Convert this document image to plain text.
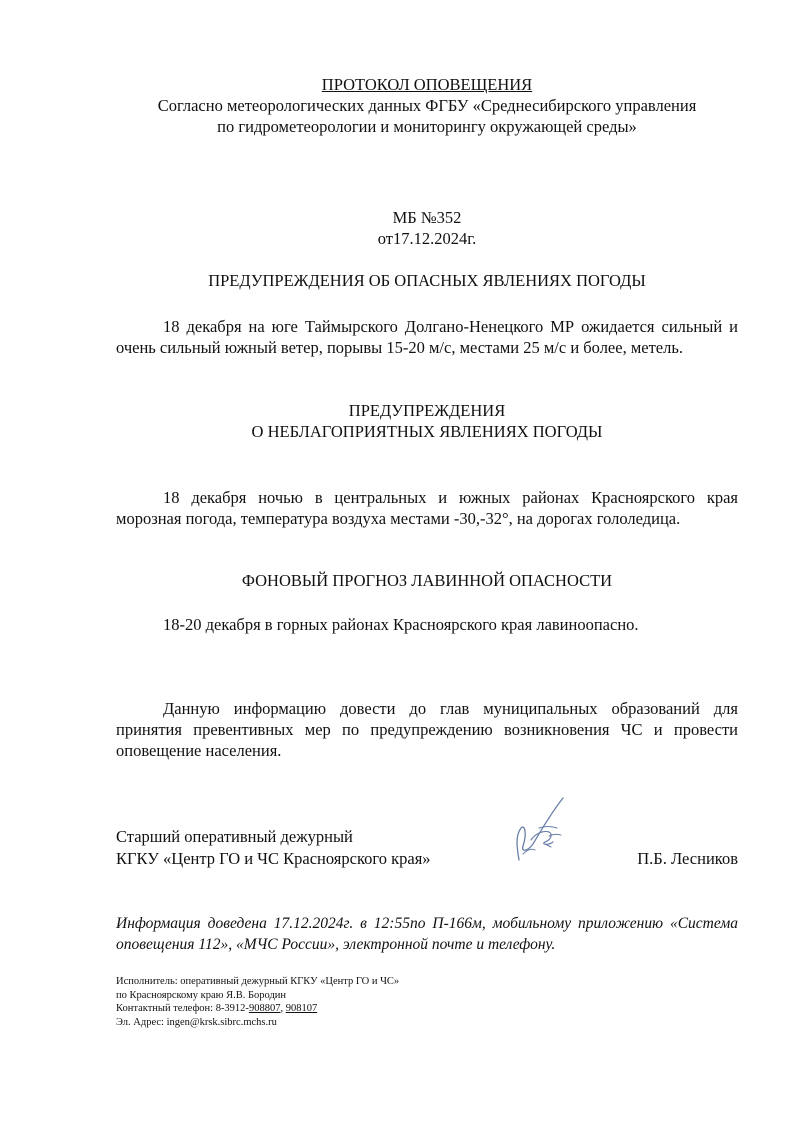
ПРОТОКОЛ ОПОВЕЩЕНИЯ
Согласно метеорологических данных ФГБУ «Среднесибирского управления
по гидрометеорологии и мониторингу окружающей среды»
МБ №352
от17.12.2024г.
ПРЕДУПРЕЖДЕНИЯ ОБ ОПАСНЫХ ЯВЛЕНИЯХ ПОГОДЫ

18 декабря на юге Таймырского Долгано-Ненецкого МР ожидается сильный и очень сильный южный ветер, порывы 15-20 м/с, местами 25 м/с и более, метель.

ПРЕДУПРЕЖДЕНИЯ
О НЕБЛАГОПРИЯТНЫХ ЯВЛЕНИЯХ ПОГОДЫ

18 декабря ночью в центральных и южных районах Красноярского края морозная погода, температура воздуха местами -30,-32°, на дорогах гололедица.

ФОНОВЫЙ ПРОГНОЗ ЛАВИННОЙ ОПАСНОСТИ

18-20 декабря в горных районах Красноярского края лавиноопасно.

Данную информацию довести до глав муниципальных образований для принятия превентивных мер по предупреждению возникновения ЧС и провести оповещение населения.

Старший оперативный дежурный
КГКУ «Центр ГО и ЧС Красноярского края»	П.Б. Лесников
Информация доведена 17.12.2024г. в 12:55по П-166м, мобильному приложению «Система оповещения 112», «МЧС России», электронной почте и телефону.
Исполнитель: оперативный дежурный КГКУ «Центр ГО и ЧС»
по Красноярскому краю Я.В. Бородин
Контактный телефон: 8-3912-908807, 908107
Эл. Адрес: ingen@krsk.sibrc.mchs.ru
